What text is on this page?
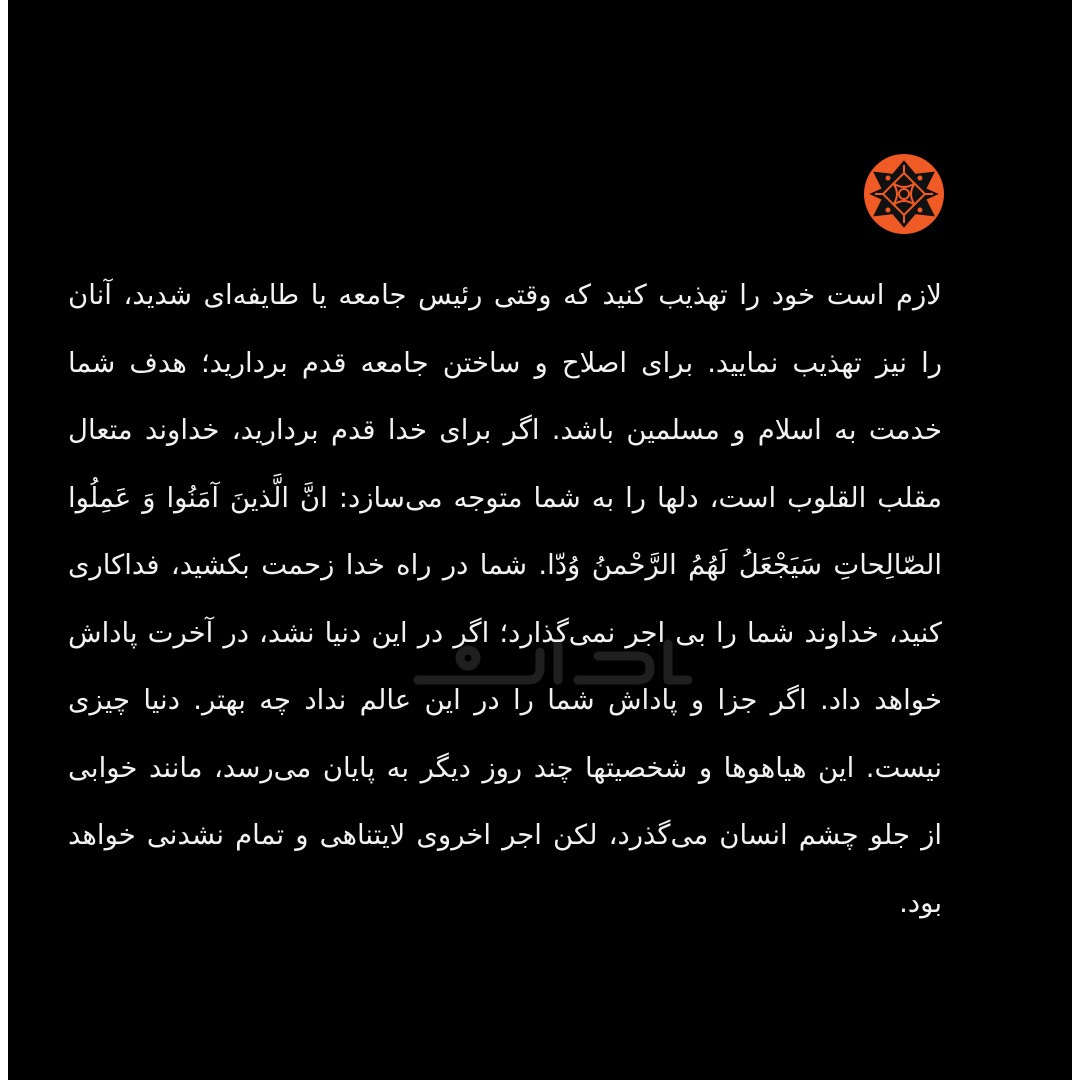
لازم است خود را تهذیب کنید که وقتی رئیس جامعه یا طایفه‌ای شدید، آنان را نیز تهذیب نمایید. برای اصلاح و ساختن جامعه قدم بردارید؛ هدف شما خدمت به اسلام و مسلمین باشد. اگر برای خدا قدم بردارید، خداوند متعال مقلب القلوب است، دلها را به شما متوجه می‌سازد: انَّ الَّذینَ آمَنُوا وَ عَمِلُوا الصّالِحاتِ سَیَجْعَلُ لَهُمُ الرَّحْمنُ وُدّا. شما در راه خدا زحمت بکشید، فداکاری کنید، خداوند شما را بی اجر نمی‌گذارد؛ اگر در این دنیا نشد، در آخرت پاداش خواهد داد. اگر جزا و پاداش شما را در این عالم نداد چه بهتر. دنیا چیزی نیست. این هیاهوها و شخصیتها چند روز دیگر به پایان می‌رسد، مانند خوابی از جلو چشم انسان می‌گذرد، لکن اجر اخروی لایتناهی و تمام نشدنی خواهد بود.
